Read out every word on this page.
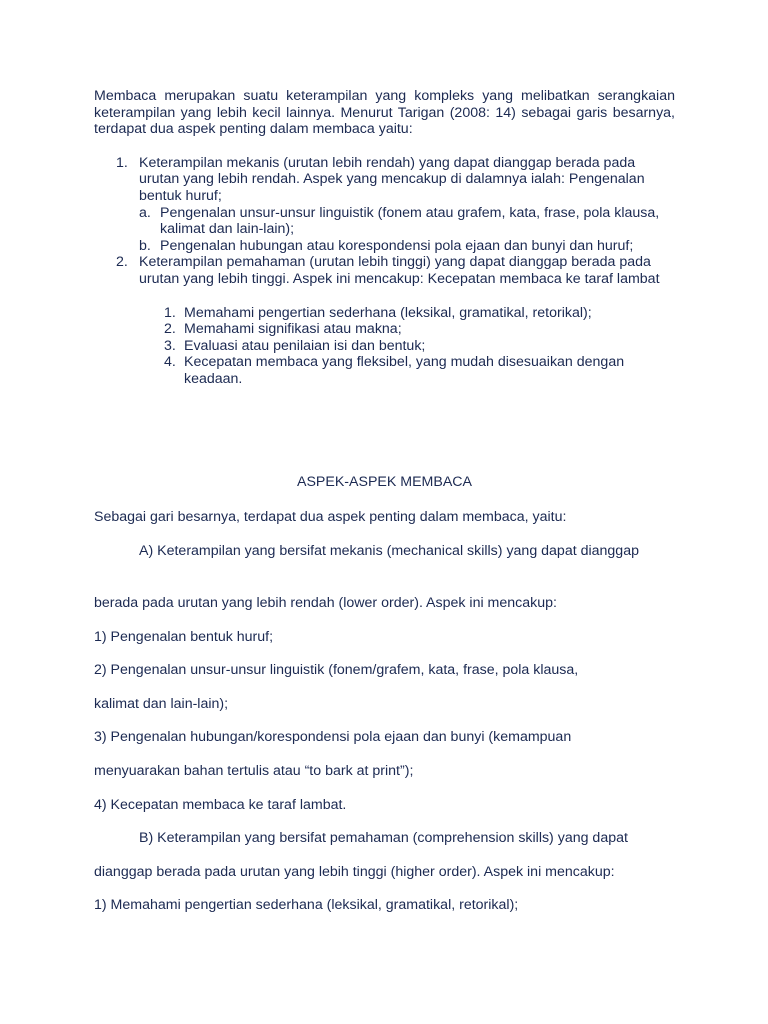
Membaca merupakan suatu keterampilan yang kompleks yang melibatkan serangkaian keterampilan yang lebih kecil lainnya. Menurut Tarigan (2008: 14) sebagai garis besarnya, terdapat dua aspek penting dalam membaca yaitu:

1. Keterampilan mekanis (urutan lebih rendah) yang dapat dianggap berada pada urutan yang lebih rendah. Aspek yang mencakup di dalamnya ialah: Pengenalan bentuk huruf;
a. Pengenalan unsur-unsur linguistik (fonem atau grafem, kata, frase, pola klausa, kalimat dan lain-lain);
b. Pengenalan hubungan atau korespondensi pola ejaan dan bunyi dan huruf;
2. Keterampilan pemahaman (urutan lebih tinggi) yang dapat dianggap berada pada urutan yang lebih tinggi. Aspek ini mencakup: Kecepatan membaca ke taraf lambat
1. Memahami pengertian sederhana (leksikal, gramatikal, retorikal);
2. Memahami signifikasi atau makna;
3. Evaluasi atau penilaian isi dan bentuk;
4. Kecepatan membaca yang fleksibel, yang mudah disesuaikan dengan keadaan.

ASPEK-ASPEK MEMBACA

Sebagai gari besarnya, terdapat dua aspek penting dalam membaca, yaitu:

A) Keterampilan yang bersifat mekanis (mechanical skills) yang dapat dianggap

berada pada urutan yang lebih rendah (lower order). Aspek ini mencakup:

1) Pengenalan bentuk huruf;

2) Pengenalan unsur-unsur linguistik (fonem/grafem, kata, frase, pola klausa,

kalimat dan lain-lain);

3) Pengenalan hubungan/korespondensi pola ejaan dan bunyi (kemampuan

menyuarakan bahan tertulis atau “to bark at print”);

4) Kecepatan membaca ke taraf lambat.

B) Keterampilan yang bersifat pemahaman (comprehension skills) yang dapat

dianggap berada pada urutan yang lebih tinggi (higher order). Aspek ini mencakup:

1) Memahami pengertian sederhana (leksikal, gramatikal, retorikal);
